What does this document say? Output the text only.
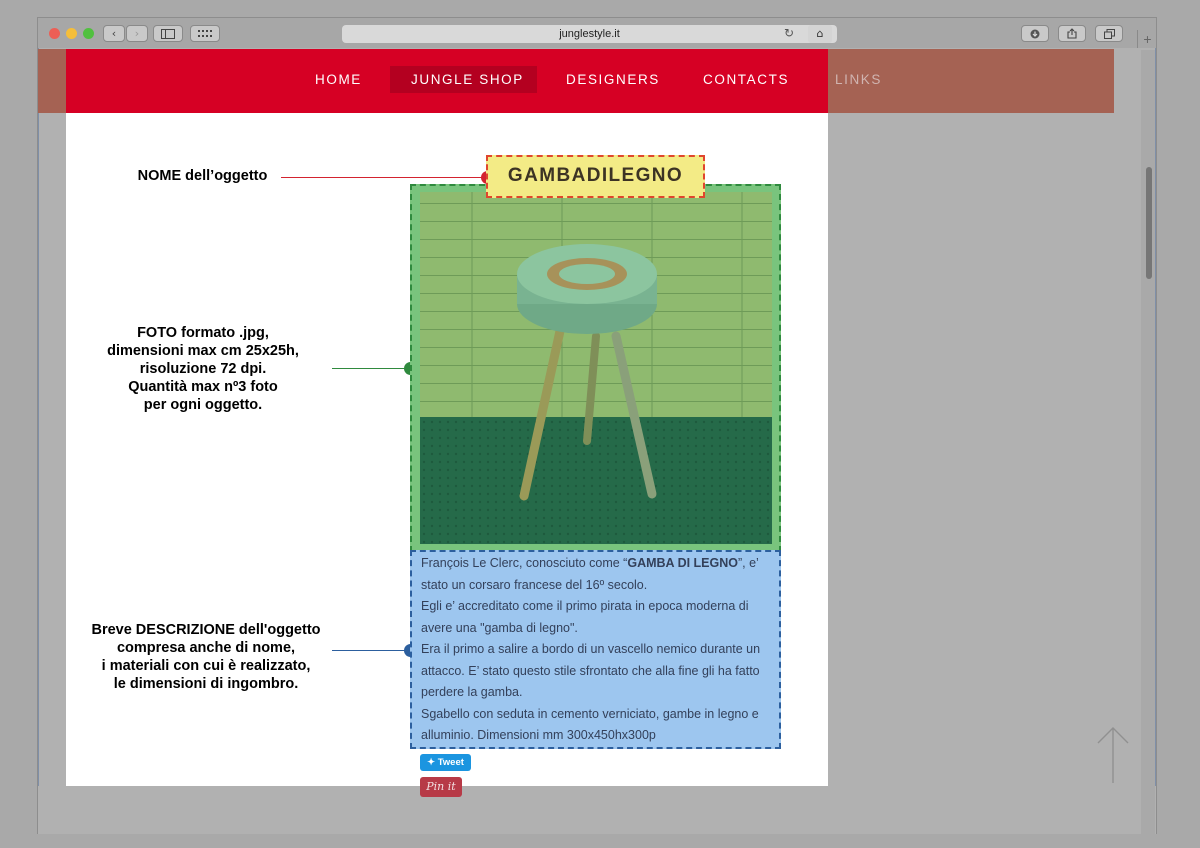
‹	›	junglestyle.it	↻	⌂	+
HOME	JUNGLE SHOP	DESIGNERS	CONTACTS	LINKS
NOME dell’oggetto
FOTO formato .jpg,
dimensioni max cm 25x25h,
risoluzione 72 dpi.
Quantità max nº3 foto
per ogni oggetto.
Breve DESCRIZIONE dell'oggetto
compresa anche di nome,
i materiali con cui è realizzato,
le dimensioni di ingombro.
GAMBADILEGNO
François Le Clerc, conosciuto come “GAMBA DI LEGNO”, e’
stato un corsaro francese del 16º secolo.
Egli e’ accreditato come il primo pirata in epoca moderna di
avere una "gamba di legno".
Era il primo a salire a bordo di un vascello nemico durante un
attacco. E’ stato questo stile sfrontato che alla fine gli ha fatto
perdere la gamba.
Sgabello con seduta in cemento verniciato, gambe in legno e
alluminio. Dimensioni mm 300x450hx300p
✦ Tweet
Pin it
